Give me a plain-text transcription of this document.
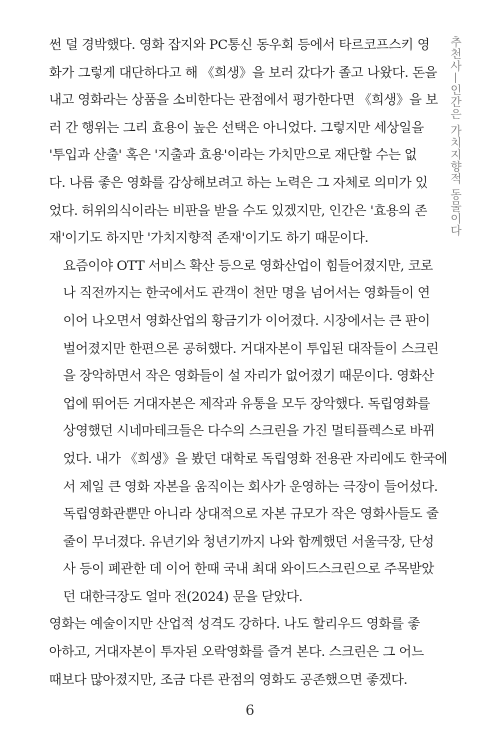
추천사—인간은 가치지향적 동물이다

썬 덜 경박했다. 영화 잡지와 PC통신 동우회 등에서 타르코프스키 영
화가 그렇게 대단하다고 해 《희생》을 보러 갔다가 졸고 나왔다. 돈을
내고 영화라는 상품을 소비한다는 관점에서 평가한다면 《희생》을 보
러 간 행위는 그리 효용이 높은 선택은 아니었다. 그렇지만 세상일을
'투입과 산출' 혹은 '지출과 효용'이라는 가치만으로 재단할 수는 없
다. 나름 좋은 영화를 감상해보려고 하는 노력은 그 자체로 의미가 있
었다. 허위의식이라는 비판을 받을 수도 있겠지만, 인간은 '효용의 존
재'이기도 하지만 '가치지향적 존재'이기도 하기 때문이다.

요즘이야 OTT 서비스 확산 등으로 영화산업이 힘들어졌지만, 코로
나 직전까지는 한국에서도 관객이 천만 명을 넘어서는 영화들이 연
이어 나오면서 영화산업의 황금기가 이어졌다. 시장에서는 큰 판이
벌어졌지만 한편으론 공허했다. 거대자본이 투입된 대작들이 스크린
을 장악하면서 작은 영화들이 설 자리가 없어졌기 때문이다. 영화산
업에 뛰어든 거대자본은 제작과 유통을 모두 장악했다. 독립영화를
상영했던 시네마테크들은 다수의 스크린을 가진 멀티플렉스로 바뀌
었다. 내가 《희생》을 봤던 대학로 독립영화 전용관 자리에도 한국에
서 제일 큰 영화 자본을 움직이는 회사가 운영하는 극장이 들어섰다.
독립영화관뿐만 아니라 상대적으로 자본 규모가 작은 영화사들도 줄
줄이 무너졌다. 유년기와 청년기까지 나와 함께했던 서울극장, 단성
사 등이 폐관한 데 이어 한때 국내 최대 와이드스크린으로 주목받았
던 대한극장도 얼마 전(2024) 문을 닫았다.

영화는 예술이지만 산업적 성격도 강하다. 나도 할리우드 영화를 좋
아하고, 거대자본이 투자된 오락영화를 즐겨 본다. 스크린은 그 어느
때보다 많아졌지만, 조금 다른 관점의 영화도 공존했으면 좋겠다.

6
